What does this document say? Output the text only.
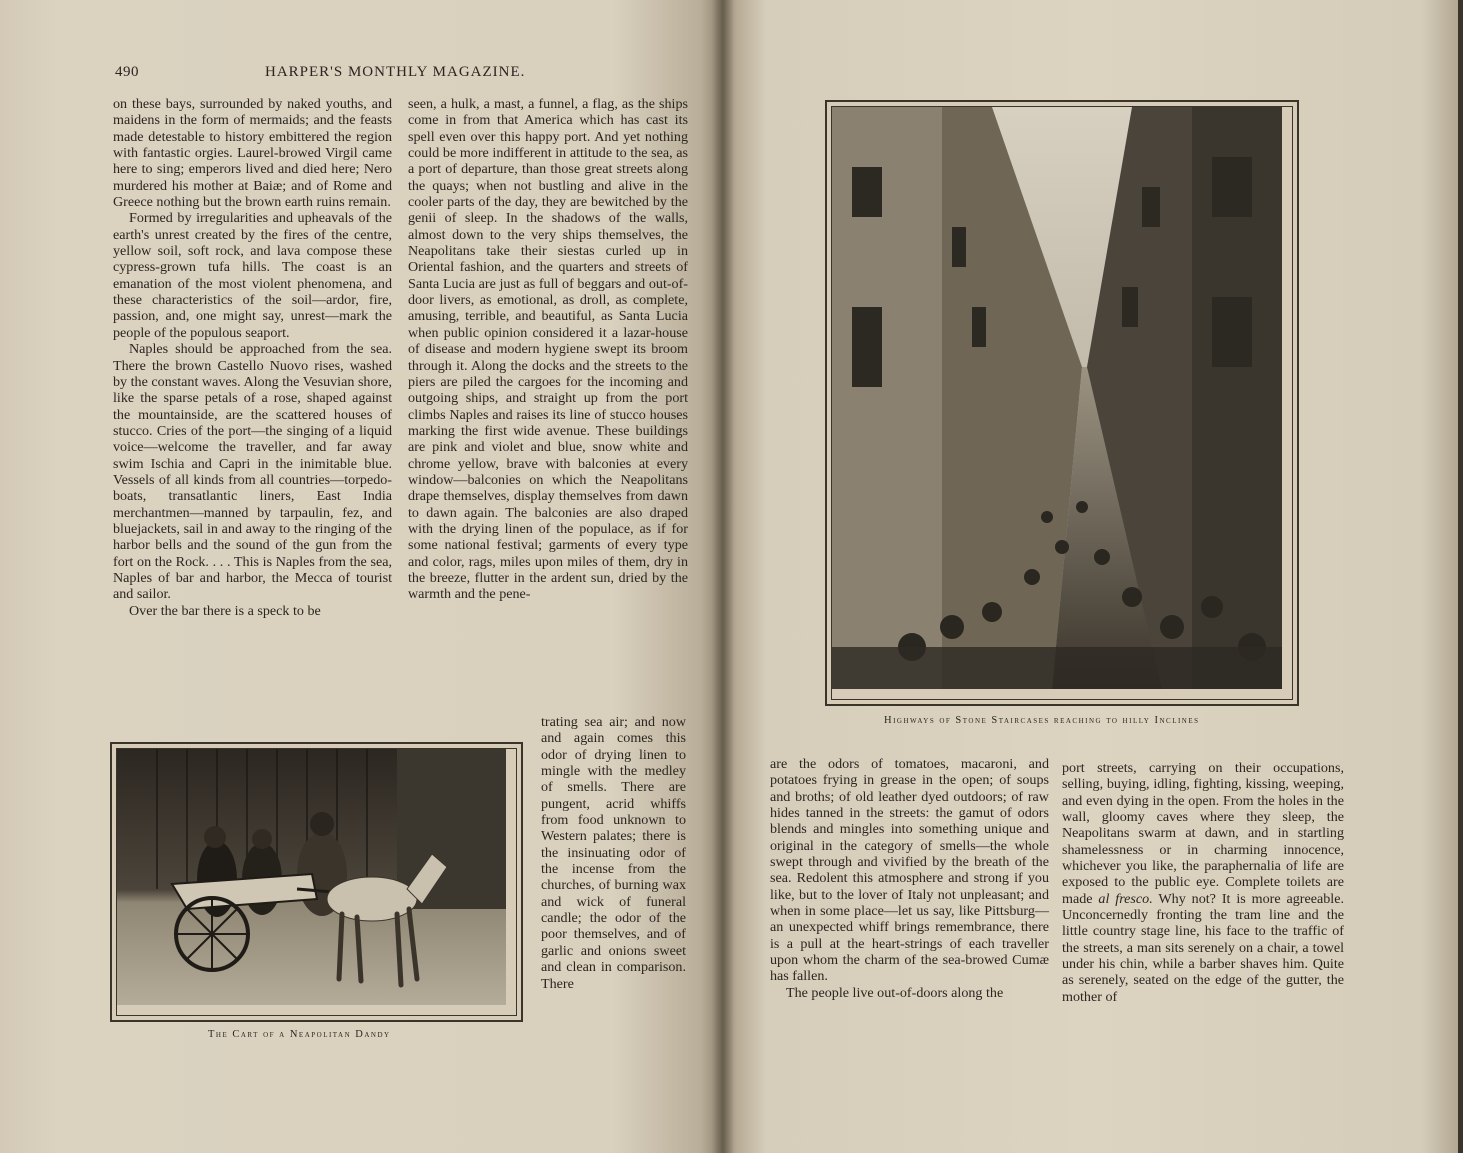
490	HARPER'S MONTHLY MAGAZINE.

on these bays, surrounded by naked youths, and maidens in the form of mermaids; and the feasts made detestable to history embittered the region with fantastic orgies. Laurel-browed Virgil came here to sing; emperors lived and died here; Nero murdered his mother at Baiæ; and of Rome and Greece nothing but the brown earth ruins remain.

Formed by irregularities and upheavals of the earth's unrest created by the fires of the centre, yellow soil, soft rock, and lava compose these cypress-grown tufa hills. The coast is an emanation of the most violent phenomena, and these characteristics of the soil—ardor, fire, passion, and, one might say, unrest—mark the people of the populous seaport.

Naples should be approached from the sea. There the brown Castello Nuovo rises, washed by the constant waves. Along the Vesuvian shore, like the sparse petals of a rose, shaped against the mountainside, are the scattered houses of stucco. Cries of the port—the singing of a liquid voice—welcome the traveller, and far away swim Ischia and Capri in the inimitable blue. Vessels of all kinds from all countries—torpedo-boats, transatlantic liners, East India merchantmen—manned by tarpaulin, fez, and bluejackets, sail in and away to the ringing of the harbor bells and the sound of the gun from the fort on the Rock. . . . This is Naples from the sea, Naples of bar and harbor, the Mecca of tourist and sailor.

Over the bar there is a speck to be

seen, a hulk, a mast, a funnel, a flag, as the ships come in from that America which has cast its spell even over this happy port. And yet nothing could be more indifferent in attitude to the sea, as a port of departure, than those great streets along the quays; when not bustling and alive in the cooler parts of the day, they are bewitched by the genii of sleep. In the shadows of the walls, almost down to the very ships themselves, the Neapolitans take their siestas curled up in Oriental fashion, and the quarters and streets of Santa Lucia are just as full of beggars and out-of-door livers, as emotional, as droll, as complete, amusing, terrible, and beautiful, as Santa Lucia when public opinion considered it a lazar-house of disease and modern hygiene swept its broom through it. Along the docks and the streets to the piers are piled the cargoes for the incoming and outgoing ships, and straight up from the port climbs Naples and raises its line of stucco houses marking the first wide avenue. These buildings are pink and violet and blue, snow white and chrome yellow, brave with balconies at every window—balconies on which the Neapolitans drape themselves, display themselves from dawn to dawn again. The balconies are also draped with the drying linen of the populace, as if for some national festival; garments of every type and color, rags, miles upon miles of them, dry in the breeze, flutter in the ardent sun, dried by the warmth and the pene-

trating sea air; and now and again comes this odor of drying linen to mingle with the medley of smells. There are pungent, acrid whiffs from food unknown to Western palates; there is the insinuating odor of the incense from the churches, of burning wax and wick of funeral candle; the odor of the poor themselves, and of garlic and onions sweet and clean in comparison. There

The Cart of a Neapolitan Dandy
Highways of Stone Staircases reaching to hilly Inclines

are the odors of tomatoes, macaroni, and potatoes frying in grease in the open; of soups and broths; of old leather dyed outdoors; of raw hides tanned in the streets: the gamut of odors blends and mingles into something unique and original in the category of smells—the whole swept through and vivified by the breath of the sea. Redolent this atmosphere and strong if you like, but to the lover of Italy not unpleasant; and when in some place—let us say, like Pittsburg—an unexpected whiff brings remembrance, there is a pull at the heart-strings of each traveller upon whom the charm of the sea-browed Cumæ has fallen.

The people live out-of-doors along the

port streets, carrying on their occupations, selling, buying, idling, fighting, kissing, weeping, and even dying in the open. From the holes in the wall, gloomy caves where they sleep, the Neapolitans swarm at dawn, and in startling shamelessness or in charming innocence, whichever you like, the paraphernalia of life are exposed to the public eye. Complete toilets are made al fresco. Why not? It is more agreeable. Unconcernedly fronting the tram line and the little country stage line, his face to the traffic of the streets, a man sits serenely on a chair, a towel under his chin, while a barber shaves him. Quite as serenely, seated on the edge of the gutter, the mother of
